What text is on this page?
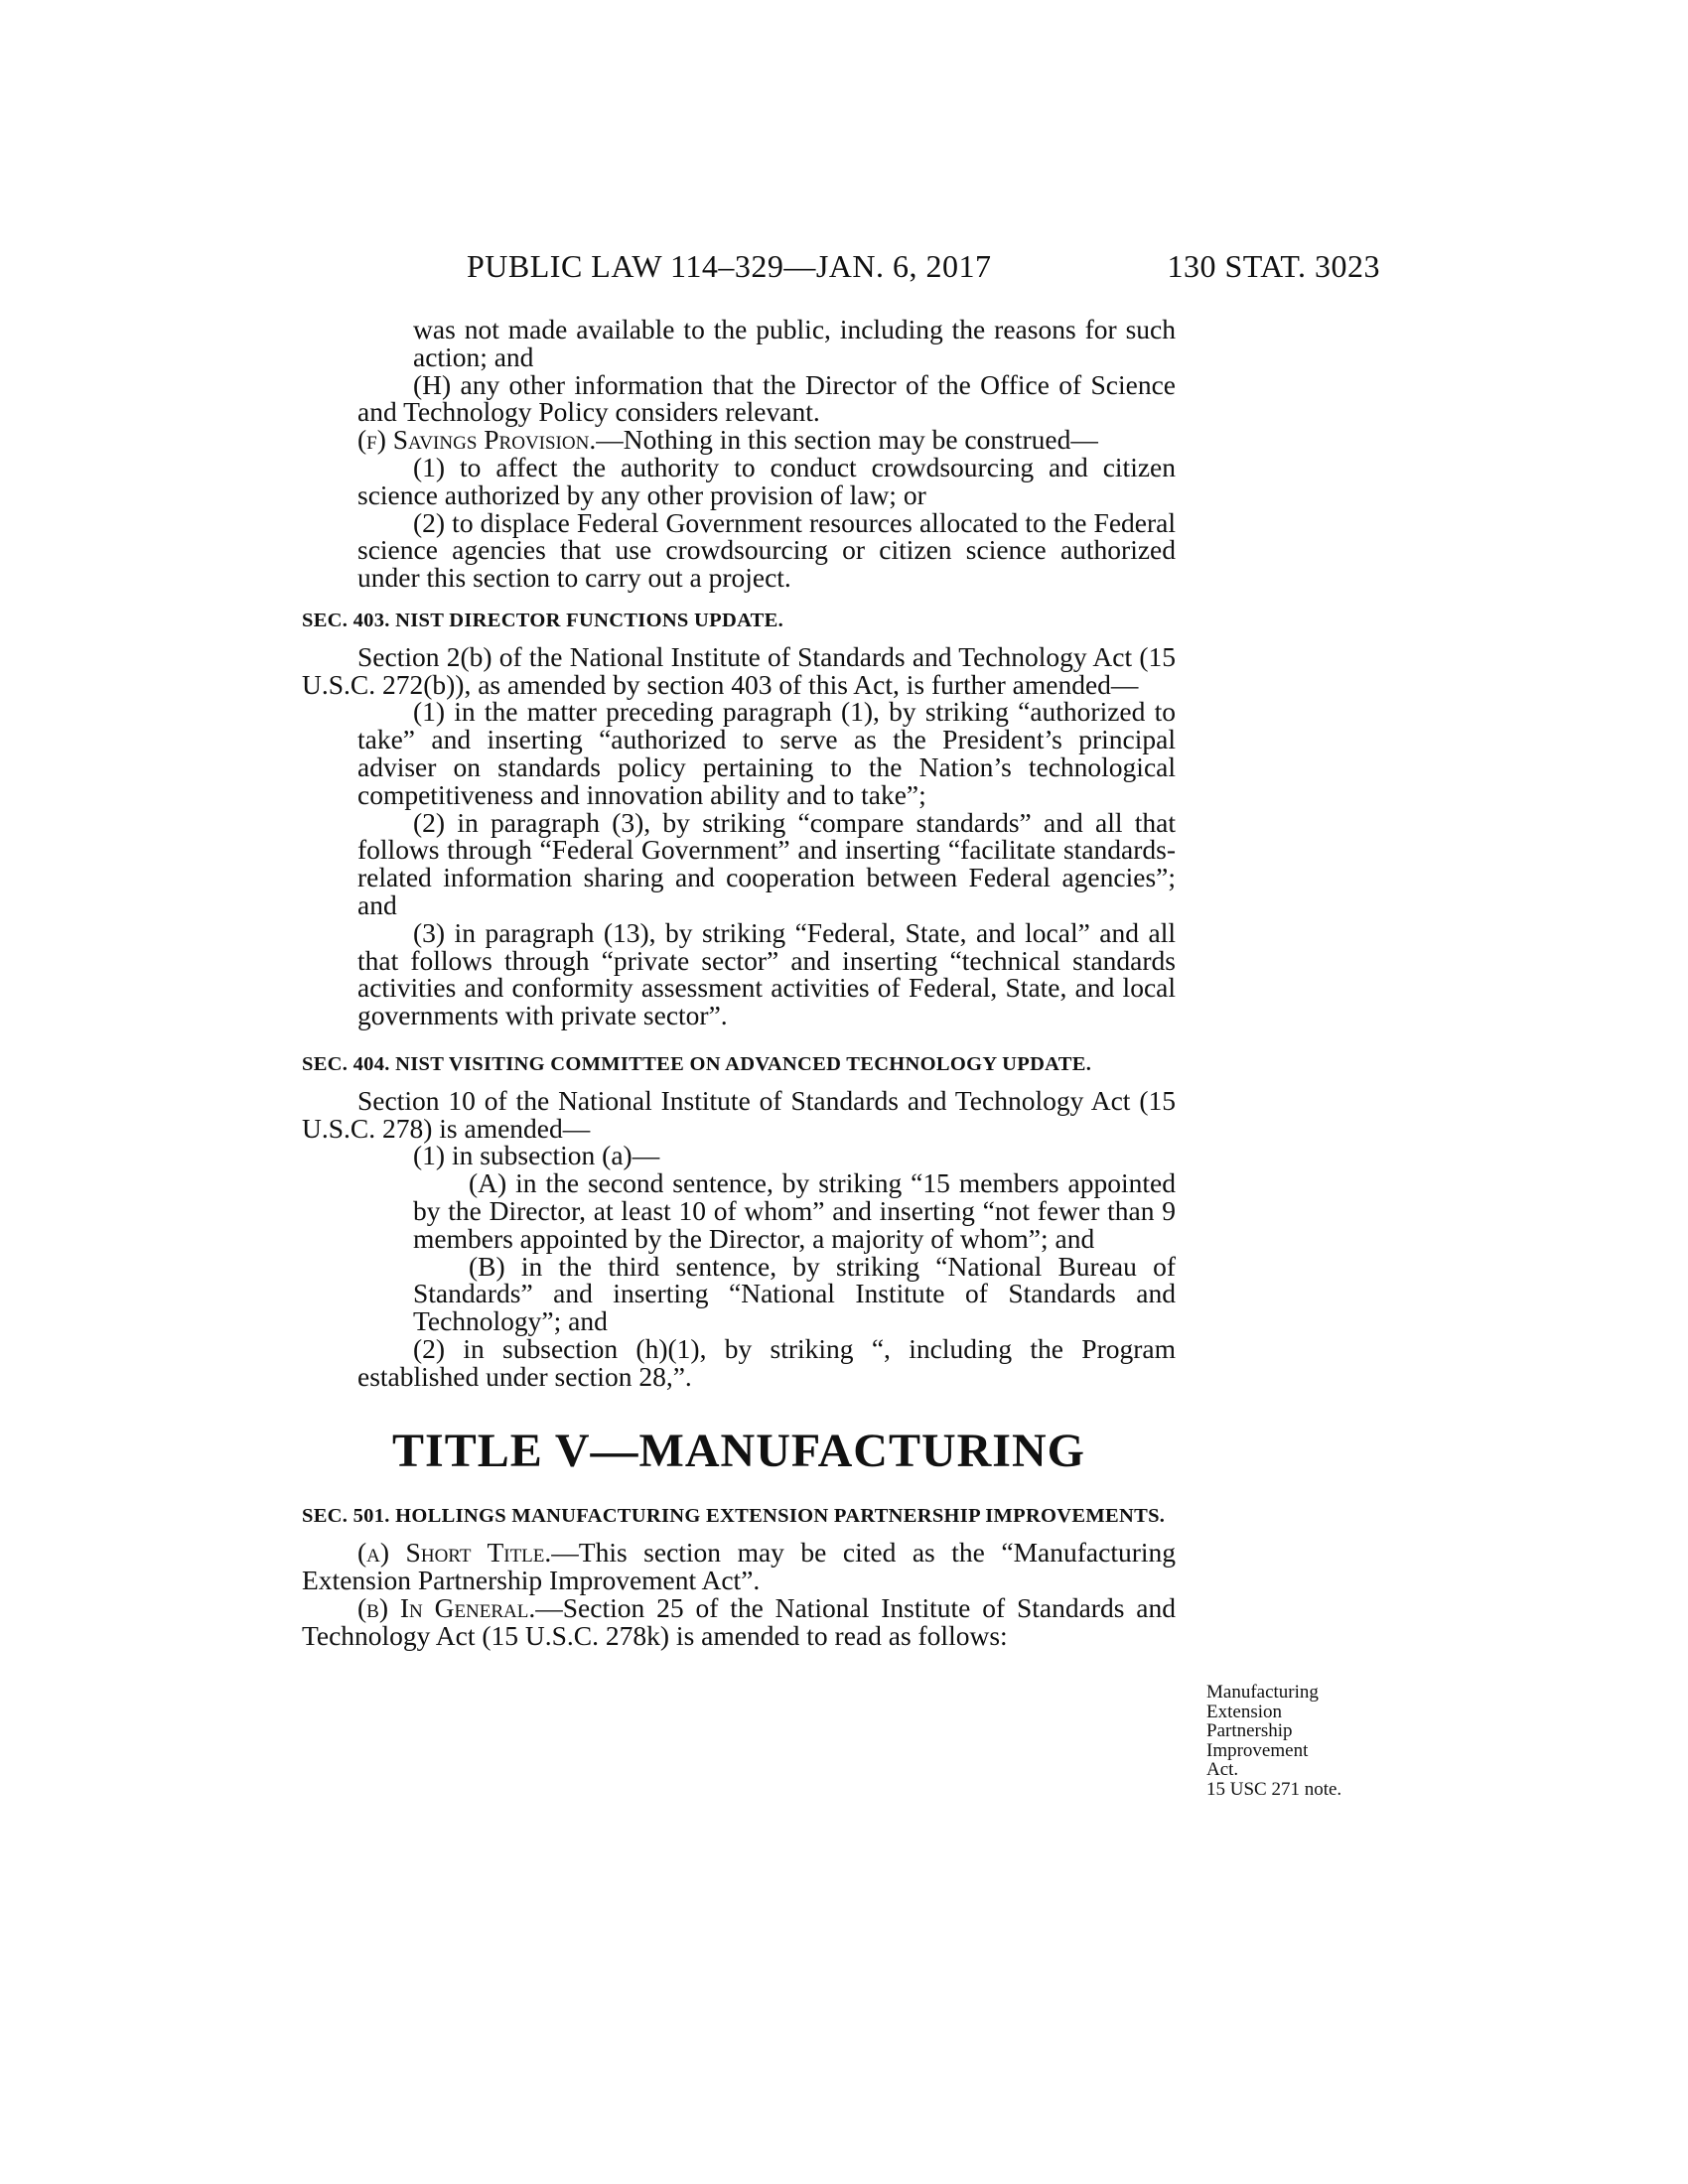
PUBLIC LAW 114–329—JAN. 6, 2017	130 STAT. 3023

was not made available to the public, including the reasons for such action; and

(H) any other information that the Director of the Office of Science and Technology Policy considers relevant.

(f) Savings Provision.—Nothing in this section may be construed—

(1) to affect the authority to conduct crowdsourcing and citizen science authorized by any other provision of law; or

(2) to displace Federal Government resources allocated to the Federal science agencies that use crowdsourcing or citizen science authorized under this section to carry out a project.

SEC. 403. NIST DIRECTOR FUNCTIONS UPDATE.

Section 2(b) of the National Institute of Standards and Technology Act (15 U.S.C. 272(b)), as amended by section 403 of this Act, is further amended—

(1) in the matter preceding paragraph (1), by striking “authorized to take” and inserting “authorized to serve as the President’s principal adviser on standards policy pertaining to the Nation’s technological competitiveness and innovation ability and to take”;

(2) in paragraph (3), by striking “compare standards” and all that follows through “Federal Government” and inserting “facilitate standards-related information sharing and cooperation between Federal agencies”; and

(3) in paragraph (13), by striking “Federal, State, and local” and all that follows through “private sector” and inserting “technical standards activities and conformity assessment activities of Federal, State, and local governments with private sector”.

SEC. 404. NIST VISITING COMMITTEE ON ADVANCED TECHNOLOGY UPDATE.

Section 10 of the National Institute of Standards and Technology Act (15 U.S.C. 278) is amended—

(1) in subsection (a)—

(A) in the second sentence, by striking “15 members appointed by the Director, at least 10 of whom” and inserting “not fewer than 9 members appointed by the Director, a majority of whom”; and

(B) in the third sentence, by striking “National Bureau of Standards” and inserting “National Institute of Standards and Technology”; and

(2) in subsection (h)(1), by striking “, including the Program established under section 28,”.

TITLE V—MANUFACTURING

SEC. 501. HOLLINGS MANUFACTURING EXTENSION PARTNERSHIP IMPROVEMENTS.

(a) Short Title.—This section may be cited as the “Manufacturing Extension Partnership Improvement Act”.

(b) In General.—Section 25 of the National Institute of Standards and Technology Act (15 U.S.C. 278k) is amended to read as follows:

Manufacturing
Extension
Partnership
Improvement
Act.
15 USC 271 note.
